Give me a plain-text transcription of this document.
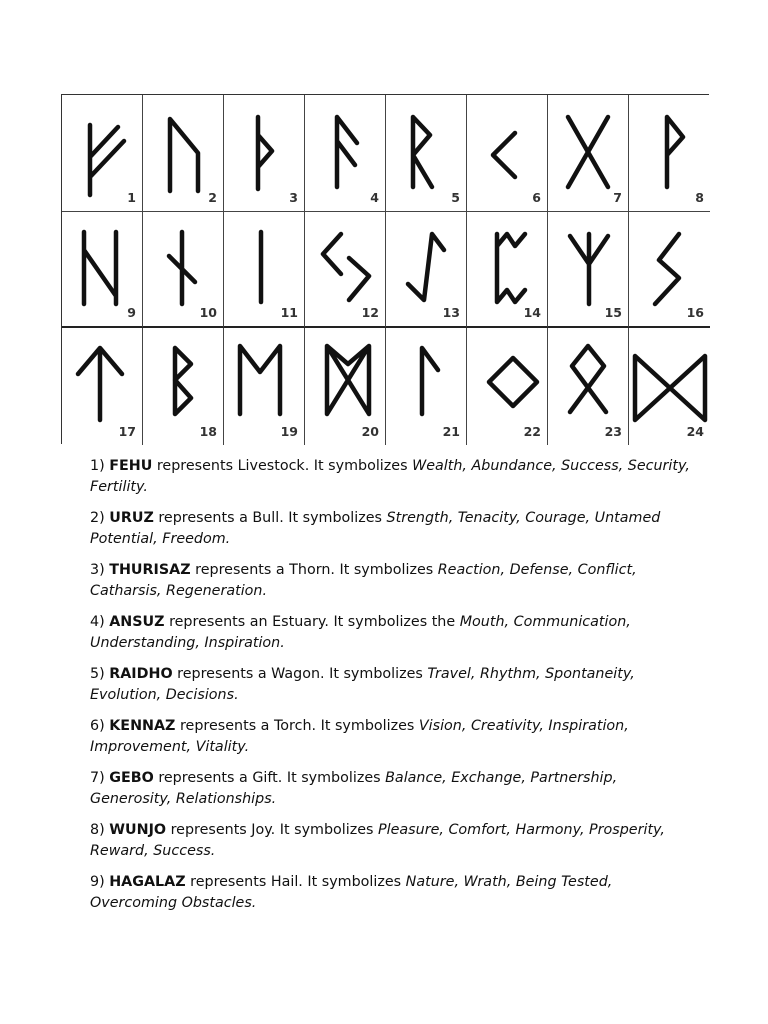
1	2	3	4	5	6	7	8
9	10	11	12	13	14	15	16
17	18	19	20	21	22	23	24

1) FEHU represents Livestock. It symbolizes Wealth, Abundance, Success, Security, Fertility.

2) URUZ represents a Bull. It symbolizes Strength, Tenacity, Courage, Untamed Potential, Freedom.

3) THURISAZ represents a Thorn. It symbolizes Reaction, Defense, Conflict, Catharsis, Regeneration.

4) ANSUZ represents an Estuary. It symbolizes the Mouth, Communication, Understanding, Inspiration.

5) RAIDHO represents a Wagon. It symbolizes Travel, Rhythm, Spontaneity, Evolution, Decisions.

6) KENNAZ represents a Torch. It symbolizes Vision, Creativity, Inspiration, Improvement, Vitality.

7) GEBO represents a Gift. It symbolizes Balance, Exchange, Partnership, Generosity, Relationships.

8) WUNJO represents Joy. It symbolizes Pleasure, Comfort, Harmony, Prosperity, Reward, Success.

9) HAGALAZ represents Hail. It symbolizes Nature, Wrath, Being Tested, Overcoming Obstacles.
